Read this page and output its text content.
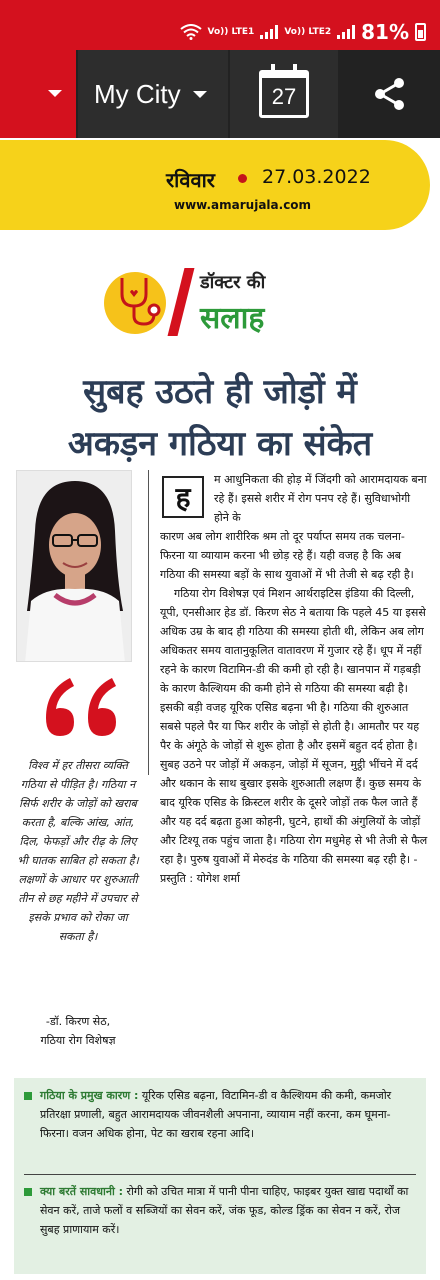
Vo)) LTE1	Vo)) LTE2 81%
My City	27
रविवार 27.03.2022
www.amarujala.com
डॉक्टर की
सलाह
सुबह उठते ही जोड़ों में
अकड़न गठिया का संकेत
विश्व में हर तीसरा व्यक्ति गठिया से पीड़ित है। गठिया न सिर्फ शरीर के जोड़ों को खराब करता है, बल्कि आंख, आंत, दिल, फेफड़ों और रीढ़ के लिए भी घातक साबित हो सकता है। लक्षणों के आधार पर शुरुआती तीन से छह महीने में उपचार से इसके प्रभाव को रोका जा सकता है।
-डॉ. किरण सेठ,
गठिया रोग विशेषज्ञ
ह
म आधुनिकता की होड़ में जिंदगी को आरामदायक बना रहे हैं। इससे शरीर में रोग पनप रहे हैं। सुविधाभोगी होने के

कारण अब लोग शारीरिक श्रम तो दूर पर्याप्त समय तक चलना-फिरना या व्यायाम करना भी छोड़ रहे हैं। यही वजह है कि अब गठिया की समस्या बड़ों के साथ युवाओं में भी तेजी से बढ़ रही है।

गठिया रोग विशेषज्ञ एवं मिशन आर्थराइटिस इंडिया की दिल्ली, यूपी, एनसीआर हेड डॉ. किरण सेठ ने बताया कि पहले 45 या इससे अधिक उम्र के बाद ही गठिया की समस्या होती थी, लेकिन अब लोग अधिकतर समय वातानुकूलित वातावरण में गुजार रहे हैं। धूप में नहीं रहने के कारण विटामिन-डी की कमी हो रही है। खानपान में गड़बड़ी के कारण कैल्शियम की कमी होने से गठिया की समस्या बढ़ी है। इसकी बड़ी वजह यूरिक एसिड बढ़ना भी है। गठिया की शुरुआत सबसे पहले पैर या फिर शरीर के जोड़ों से होती है। आमतौर पर यह पैर के अंगूठे के जोड़ों से शुरू होता है और इसमें बहुत दर्द होता है। सुबह उठने पर जोड़ों में अकड़न, जोड़ों में सूजन, मुट्ठी भींचने में दर्द और थकान के साथ बुखार इसके शुरुआती लक्षण हैं। कुछ समय के बाद यूरिक एसिड के क्रिस्टल शरीर के दूसरे जोड़ों तक फैल जाते हैं और यह दर्द बढ़ता हुआ कोहनी, घुटने, हाथों की अंगुलियों के जोड़ों और टिश्यू तक पहुंच जाता है। गठिया रोग मधुमेह से भी तेजी से फैल रहा है। पुरुष युवाओं में मेरुदंड के गठिया की समस्या बढ़ रही है। - प्रस्तुति : योगेश शर्मा

गठिया के प्रमुख कारण : यूरिक एसिड बढ़ना, विटामिन-डी व कैल्शियम की कमी, कमजोर प्रतिरक्षा प्रणाली, बहुत आरामदायक जीवनशैली अपनाना, व्यायाम नहीं करना, कम घूमना-फिरना। वजन अधिक होना, पेट का खराब रहना आदि।
क्या बरतें सावधानी : रोगी को उचित मात्रा में पानी पीना चाहिए, फाइबर युक्त खाद्य पदार्थों का सेवन करें, ताजे फलों व सब्जियों का सेवन करें, जंक फूड, कोल्ड ड्रिंक का सेवन न करें, रोज सुबह प्राणायाम करें।
